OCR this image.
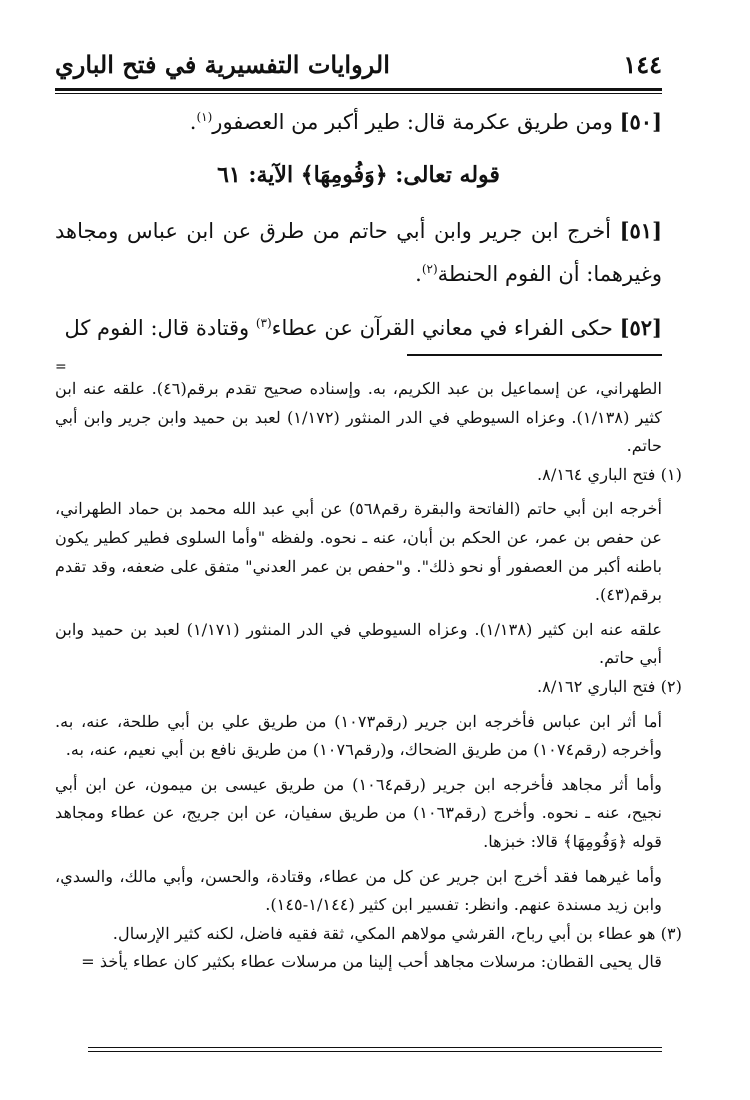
١٤٤
الروايات التفسيرية في فتح الباري

[٥٠] ومن طريق عكرمة قال: طير أكبر من العصفور$^{(١)}$.

قوله تعالى: ﴿وَفُومِهَا﴾ الآية: ٦١

[٥١] أخرج ابن جرير وابن أبي حاتم من طرق عن ابن عباس ومجاهد وغيرهما: أن الفوم الحنطة$^{(٢)}$.

[٥٢] حكى الفراء في معاني القرآن عن عطاء$^{(٣)}$ وقتادة قال: الفوم كل

=

الطهراني، عن إسماعيل بن عبد الكريم، به. وإسناده صحيح تقدم برقم(٤٦). علقه عنه ابن كثير (١/١٣٨). وعزاه السيوطي في الدر المنثور (١/١٧٢) لعبد بن حميد وابن جرير وابن أبي حاتم.

(١) فتح الباري ٨/١٦٤.

أخرجه ابن أبي حاتم (الفاتحة والبقرة رقم٥٦٨) عن أبي عبد الله محمد بن حماد الطهراني، عن حفص بن عمر، عن الحكم بن أبان، عنه ـ نحوه. ولفظه "وأما السلوى فطير كطير يكون باطنه أكبر من العصفور أو نحو ذلك". و"حفص بن عمر العدني" متفق على ضعفه، وقد تقدم برقم(٤٣).

علقه عنه ابن كثير (١/١٣٨). وعزاه السيوطي في الدر المنثور (١/١٧١) لعبد بن حميد وابن أبي حاتم.

(٢) فتح الباري ٨/١٦٢.

أما أثر ابن عباس فأخرجه ابن جرير (رقم١٠٧٣) من طريق علي بن أبي طلحة، عنه، به. وأخرجه (رقم١٠٧٤) من طريق الضحاك، و(رقم١٠٧٦) من طريق نافع بن أبي نعيم، عنه، به.

وأما أثر مجاهد فأخرجه ابن جرير (رقم١٠٦٤) من طريق عيسى بن ميمون، عن ابن أبي نجيح، عنه ـ نحوه. وأخرج (رقم١٠٦٣) من طريق سفيان، عن ابن جريج، عن عطاء ومجاهد قوله ﴿وَفُومِهَا﴾ قالا: خبزها.

وأما غيرهما فقد أخرج ابن جرير عن كل من عطاء، وقتادة، والحسن، وأبي مالك، والسدي، وابن زيد مسندة عنهم. وانظر: تفسير ابن كثير (١/١٤٤-١٤٥).

(٣) هو عطاء بن أبي رباح، القرشي مولاهم المكي، ثقة فقيه فاضل، لكنه كثير الإرسال.

قال يحيى القطان: مرسلات مجاهد أحب إلينا من مرسلات عطاء بكثير كان عطاء يأخذ =
